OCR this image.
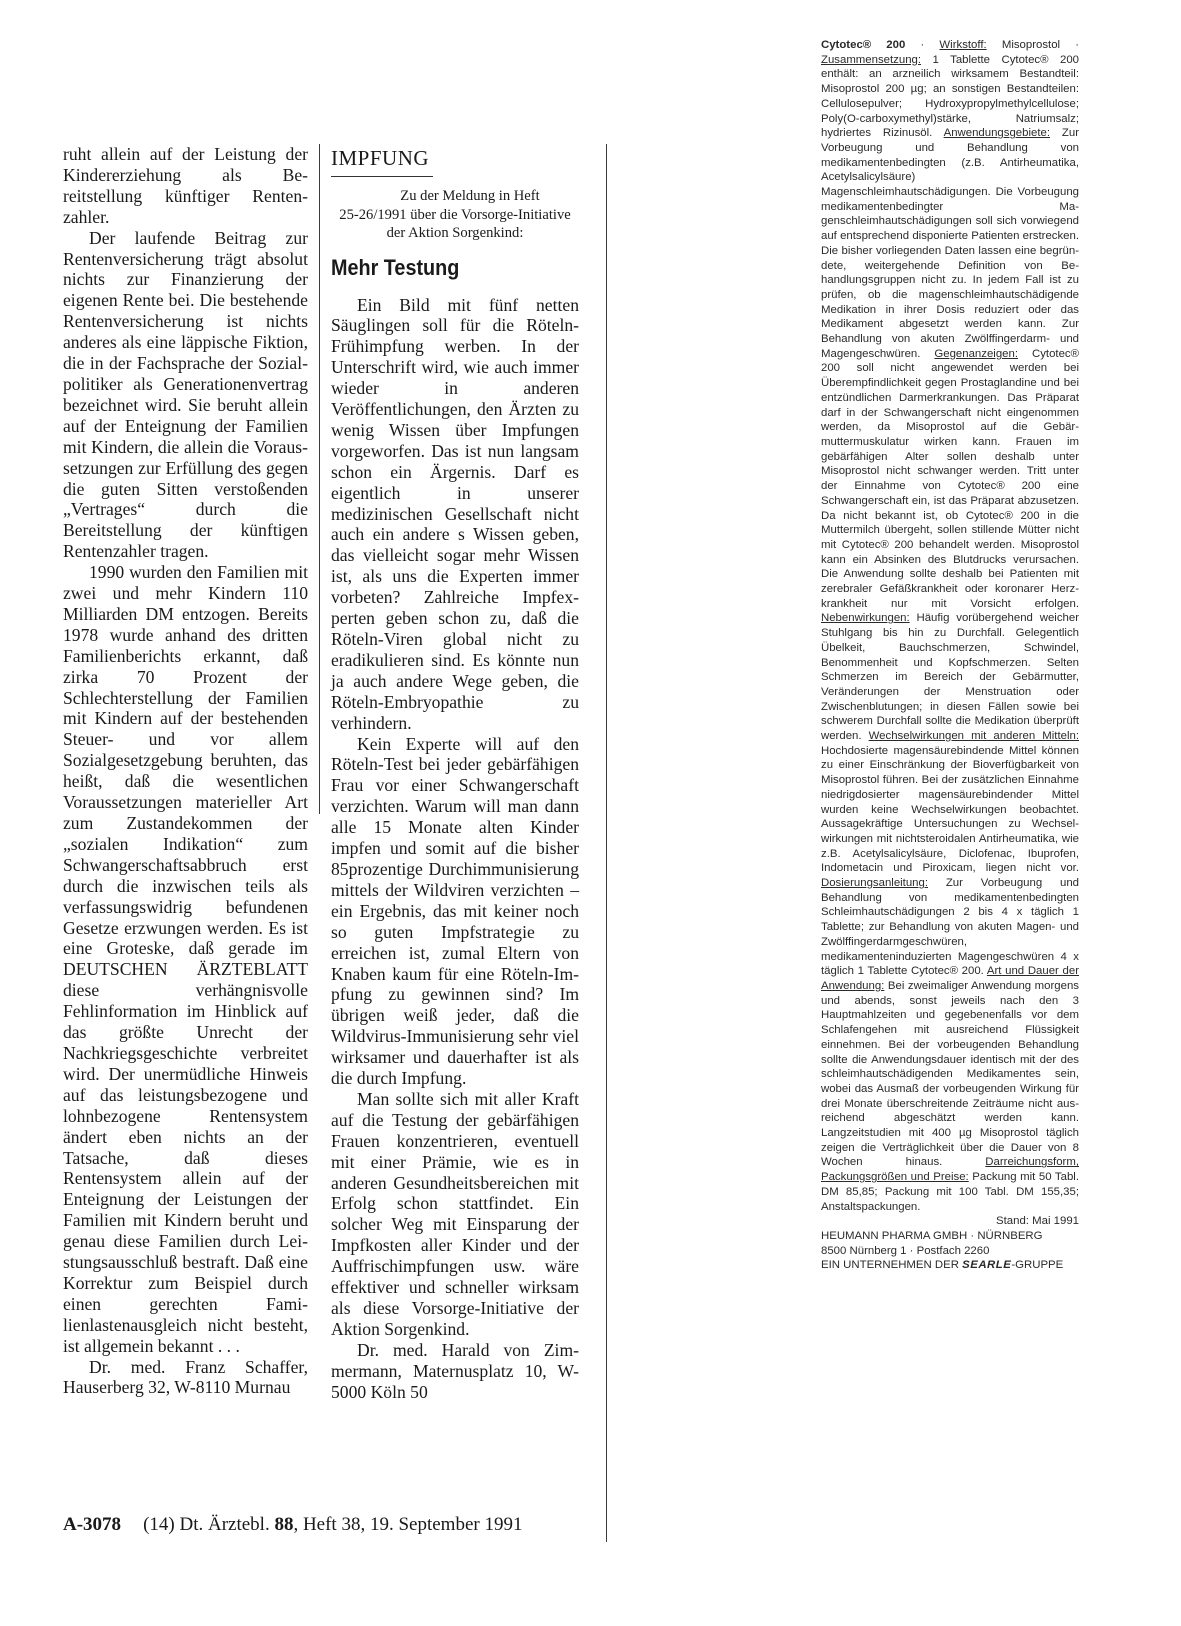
ruht allein auf der Leistung der Kindererziehung als Bereitstellung künftiger Rentenzahler.

Der laufende Beitrag zur Rentenversicherung trägt absolut nichts zur Finanzierung der eigenen Rente bei. Die bestehende Rentenversicherung ist nichts anderes als eine läppische Fiktion, die in der Fachsprache der Sozialpolitiker als Generationenvertrag bezeichnet wird. Sie beruht allein auf der Enteignung der Familien mit Kindern, die allein die Voraussetzungen zur Erfüllung des gegen die guten Sitten verstoßenden „Vertrages“ durch die Bereitstellung der künftigen Rentenzahler tragen.

1990 wurden den Familien mit zwei und mehr Kindern 110 Milliarden DM entzogen. Bereits 1978 wurde anhand des dritten Familienberichts erkannt, daß zirka 70 Prozent der Schlechterstellung der Familien mit Kindern auf der bestehenden Steuer- und vor allem Sozialgesetzgebung beruhten, das heißt, daß die wesentlichen Voraussetzungen materieller Art zum Zustandekommen der „sozialen Indikation“ zum Schwangerschaftsabbruch erst durch die inzwischen teils als verfassungswidrig befundenen Gesetze erzwungen werden. Es ist eine Groteske, daß gerade im DEUTSCHEN ÄRZTEBLATT diese verhängnisvolle Fehlinformation im Hinblick auf das größte Unrecht der Nachkriegsgeschichte verbreitet wird. Der unermüdliche Hinweis auf das leistungsbezogene und lohnbezogene Rentensystem ändert eben nichts an der Tatsache, daß dieses Rentensystem allein auf der Enteignung der Leistungen der Familien mit Kindern beruht und genau diese Familien durch Leistungsausschluß bestraft. Daß eine Korrektur zum Beispiel durch einen gerechten Familienlastenausgleich nicht besteht, ist allgemein bekannt . . .

Dr. med. Franz Schaffer, Hauserberg 32, W-8110 Murnau

IMPFUNG
Zu der Meldung in Heft
25-26/1991 über die Vorsorge-Initiative der Aktion Sorgenkind:
Mehr Testung

Ein Bild mit fünf netten Säuglingen soll für die Röteln-Frühimpfung werben. In der Unterschrift wird, wie auch immer wieder in anderen Veröffentlichungen, den Ärzten zu wenig Wissen über Impfungen vorgeworfen. Das ist nun langsam schon ein Ärgernis. Darf es eigentlich in unserer medizinischen Gesellschaft nicht auch ein andere s Wissen geben, das vielleicht sogar mehr Wissen ist, als uns die Experten immer vorbeten? Zahlreiche Impfexperten geben schon zu, daß die Röteln-Viren global nicht zu eradikulieren sind. Es könnte nun ja auch andere Wege geben, die Röteln-Embryopathie zu verhindern.

Kein Experte will auf den Röteln-Test bei jeder gebärfähigen Frau vor einer Schwangerschaft verzichten. Warum will man dann alle 15 Monate alten Kinder impfen und somit auf die bisher 85prozentige Durchimmunisierung mittels der Wildviren verzichten – ein Ergebnis, das mit keiner noch so guten Impfstrategie zu erreichen ist, zumal Eltern von Knaben kaum für eine Röteln-Impfung zu gewinnen sind? Im übrigen weiß jeder, daß die Wildvirus-Immunisierung sehr viel wirksamer und dauerhafter ist als die durch Impfung.

Man sollte sich mit aller Kraft auf die Testung der gebärfähigen Frauen konzentrieren, eventuell mit einer Prämie, wie es in anderen Gesundheitsbereichen mit Erfolg schon stattfindet. Ein solcher Weg mit Einsparung der Impfkosten aller Kinder und der Auffrischimpfungen usw. wäre effektiver und schneller wirksam als diese Vorsorge-Initiative der Aktion Sorgenkind.

Dr. med. Harald von Zimmermann, Maternusplatz 10, W-5000 Köln 50

Cytotec® 200 · Wirkstoff: Misoprostol · Zusammensetzung: 1 Tablette Cytotec® 200 enthält: an arzneilich wirksamem Bestandteil: Misoprostol 200 µg; an sonstigen Bestandteilen: Cellulosepulver; Hydroxypropylmethylcellulose; Poly(O-carboxymethyl)stärke, Natriumsalz; hydriertes Rizinusöl. Anwendungsgebiete: Zur Vorbeugung und Behandlung von medikamentenbedingten (z.B. Antirheumatika, Acetylsalicylsäure) Magenschleimhautschädigungen. Die Vorbeugung medikamentenbedingter Magenschleimhautschädigungen soll sich vorwiegend auf entsprechend disponierte Patienten erstrecken. Die bisher vorliegenden Daten lassen eine begründete, weitergehende Definition von Behandlungsgruppen nicht zu. In jedem Fall ist zu prüfen, ob die magenschleimhautschädigende Medikation in ihrer Dosis reduziert oder das Medikament abgesetzt werden kann. Zur Behandlung von akuten Zwölffingerdarm- und Magengeschwüren. Gegenanzeigen: Cytotec® 200 soll nicht angewendet werden bei Überempfindlichkeit gegen Prostaglandine und bei entzündlichen Darmerkrankungen. Das Präparat darf in der Schwangerschaft nicht eingenommen werden, da Misoprostol auf die Gebärmuttermuskulatur wirken kann. Frauen im gebärfähigen Alter sollen deshalb unter Misoprostol nicht schwanger werden. Tritt unter der Einnahme von Cytotec® 200 eine Schwangerschaft ein, ist das Präparat abzusetzen. Da nicht bekannt ist, ob Cytotec® 200 in die Muttermilch übergeht, sollen stillende Mütter nicht mit Cytotec® 200 behandelt werden. Misoprostol kann ein Absinken des Blutdrucks verursachen. Die Anwendung sollte deshalb bei Patienten mit zerebraler Gefäßkrankheit oder koronarer Herzkrankheit nur mit Vorsicht erfolgen. Nebenwirkungen: Häufig vorübergehend weicher Stuhlgang bis hin zu Durchfall. Gelegentlich Übelkeit, Bauchschmerzen, Schwindel, Benommenheit und Kopfschmerzen. Selten Schmerzen im Bereich der Gebärmutter, Veränderungen der Menstruation oder Zwischenblutungen; in diesen Fällen sowie bei schwerem Durchfall sollte die Medikation überprüft werden. Wechselwirkungen mit anderen Mitteln: Hochdosierte magensäurebindende Mittel können zu einer Einschränkung der Bioverfügbarkeit von Misoprostol führen. Bei der zusätzlichen Einnahme niedrigdosierter magensäurebindender Mittel wurden keine Wechselwirkungen beobachtet. Aussagekräftige Untersuchungen zu Wechselwirkungen mit nichtsteroidalen Antirheumatika, wie z.B. Acetylsalicylsäure, Diclofenac, Ibuprofen, Indometacin und Piroxicam, liegen nicht vor. Dosierungsanleitung: Zur Vorbeugung und Behandlung von medikamentenbedingten Schleimhautschädigungen 2 bis 4 x täglich 1 Tablette; zur Behandlung von akuten Magen- und Zwölffingerdarmgeschwüren, medikamenteninduzierten Magengeschwüren 4 x täglich 1 Tablette Cytotec® 200. Art und Dauer der Anwendung: Bei zweimaliger Anwendung morgens und abends, sonst jeweils nach den 3 Hauptmahlzeiten und gegebenenfalls vor dem Schlafengehen mit ausreichend Flüssigkeit einnehmen. Bei der vorbeugenden Behandlung sollte die Anwendungsdauer identisch mit der des schleimhautschädigenden Medikamentes sein, wobei das Ausmaß der vorbeugenden Wirkung für drei Monate überschreitende Zeiträume nicht ausreichend abgeschätzt werden kann. Langzeitstudien mit 400 µg Misoprostol täglich zeigen die Verträglichkeit über die Dauer von 8 Wochen hinaus. Darreichungsform, Packungsgrößen und Preise: Packung mit 50 Tabl. DM 85,85; Packung mit 100 Tabl. DM 155,35; Anstaltspackungen.

Stand: Mai 1991

HEUMANN PHARMA GMBH · NÜRNBERG

8500 Nürnberg 1 · Postfach 2260

EIN UNTERNEHMEN DER SEARLE-GRUPPE

A-3078 (14) Dt. Ärztebl. 88, Heft 38, 19. September 1991
